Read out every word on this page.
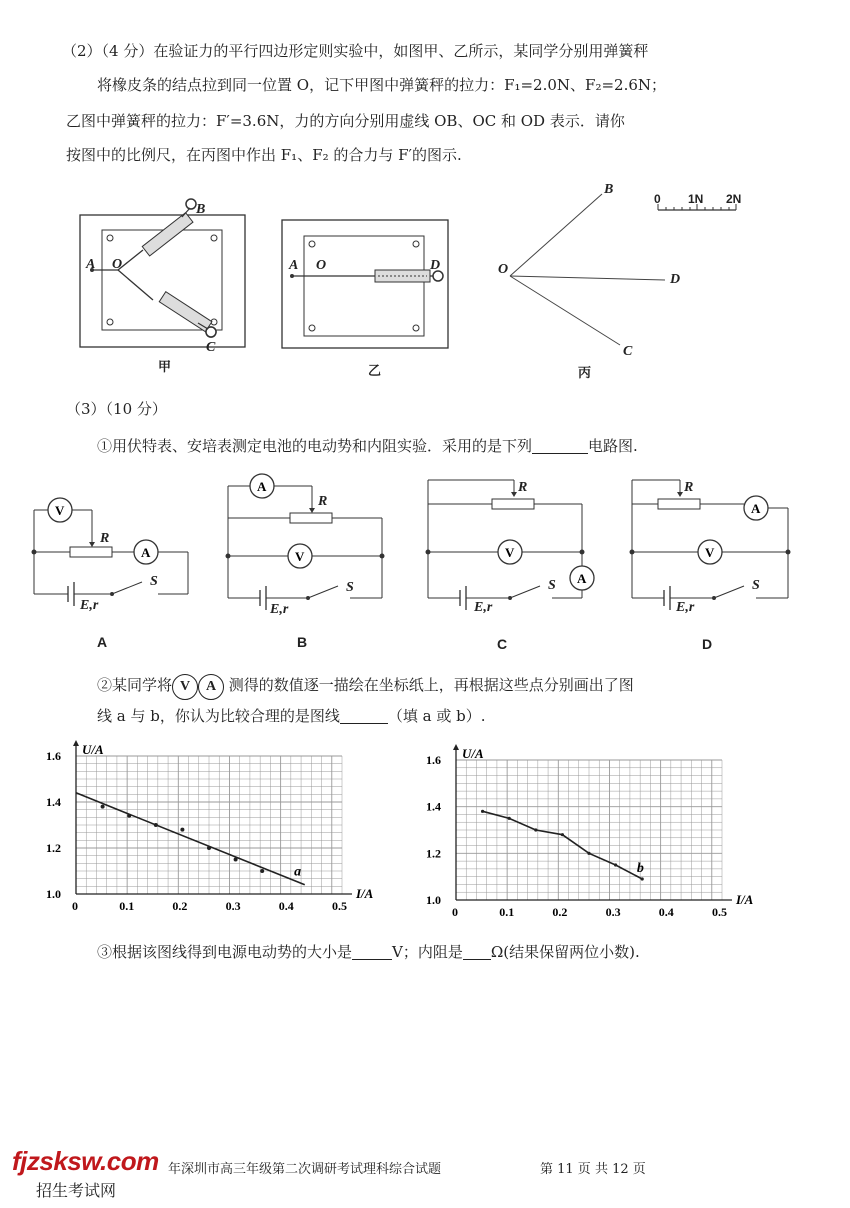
（2）（4 分）在验证力的平行四边形定则实验中，如图甲、乙所示，某同学分别用弹簧秤
将橡皮条的结点拉到同一位置 O，记下甲图中弹簧秤的拉力：F₁=2.0N、F₂=2.6N；
乙图中弹簧秤的拉力：F′=3.6N，力的方向分别用虚线 OB、OC 和 OD 表示．请你
按图中的比例尺，在丙图中作出 F₁、F₂ 的合力与 F′的图示.
B
C
A O
甲
A O	D
乙
O
B
D
C
0 1N 2N
丙
（3）（10 分）
①用伏特表、安培表测定电池的电动势和内阻实验．采用的是下列	电路图.
V
A
R
S
E,r
A
A
V
R
S
E,r
B
V
A
R
S
E,r
C
A
V
R
S
E,r
D
②某同学将 V A 测得的数值逐一描绘在坐标纸上，再根据这些点分别画出了图
线 a 与 b，你认为比较合理的是图线	（填 a 或 b）.
1.0
1.2
1.4
1.6
0	0.1	0.2	0.3	0.4	0.5
U/A
I/A
a
1.0
1.2
1.4
1.6
0	0.1	0.2	0.3	0.4	0.5
U/A
I/A
b
③根据该图线得到电源电动势的大小是	V；内阻是 Ω(结果保留两位小数).
fjzsksw.com
招生考试网
年深圳市高三年级第二次调研考试理科综合试题	第 11 页 共 12 页
